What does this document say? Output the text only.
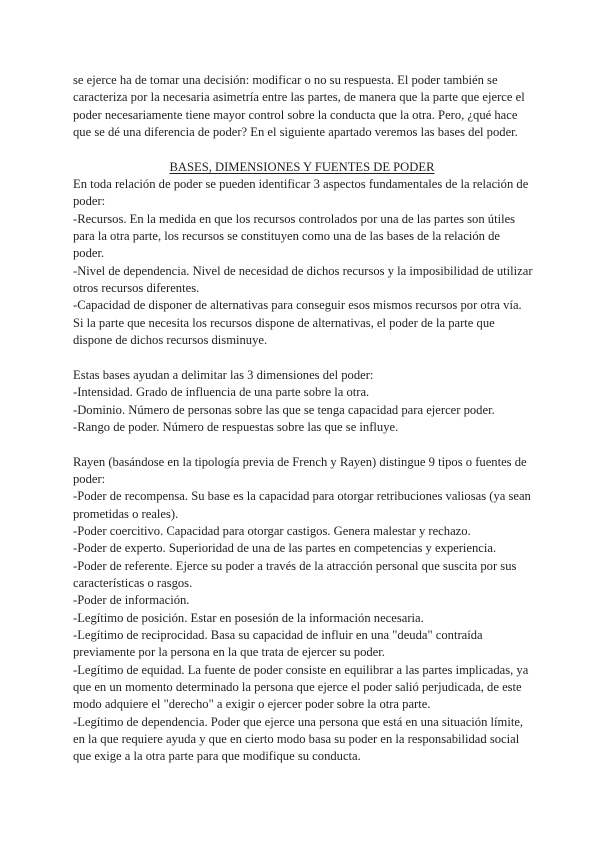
se ejerce ha de tomar una decisión: modificar o no su respuesta. El poder también se
caracteriza por la necesaria asimetría entre las partes, de manera que la parte que ejerce el
poder necesariamente tiene mayor control sobre la conducta que la otra. Pero, ¿qué hace
que se dé una diferencia de poder? En el siguiente apartado veremos las bases del poder.
BASES, DIMENSIONES Y FUENTES DE PODER
En toda relación de poder se pueden identificar 3 aspectos fundamentales de la relación de
poder:
-Recursos. En la medida en que los recursos controlados por una de las partes son útiles
para la otra parte, los recursos se constituyen como una de las bases de la relación de
poder.
-Nivel de dependencia. Nivel de necesidad de dichos recursos y la imposibilidad de utilizar
otros recursos diferentes.
-Capacidad de disponer de alternativas para conseguir esos mismos recursos por otra vía.
Si la parte que necesita los recursos dispone de alternativas, el poder de la parte que
dispone de dichos recursos disminuye.
Estas bases ayudan a delimitar las 3 dimensiones del poder:
-Intensidad. Grado de influencia de una parte sobre la otra.
-Dominio. Número de personas sobre las que se tenga capacidad para ejercer poder.
-Rango de poder. Número de respuestas sobre las que se influye.
Rayen (basándose en la tipología previa de French y Rayen) distingue 9 tipos o fuentes de
poder:
-Poder de recompensa. Su base es la capacidad para otorgar retribuciones valiosas (ya sean
prometidas o reales).
-Poder coercitivo. Capacidad para otorgar castigos. Genera malestar y rechazo.
-Poder de experto. Superioridad de una de las partes en competencias y experiencia.
-Poder de referente. Ejerce su poder a través de la atracción personal que suscita por sus
características o rasgos.
-Poder de información.
-Legítimo de posición. Estar en posesión de la información necesaria.
-Legítimo de reciprocidad. Basa su capacidad de influir en una "deuda" contraída
previamente por la persona en la que trata de ejercer su poder.
-Legítimo de equidad. La fuente de poder consiste en equilibrar a las partes implicadas, ya
que en un momento determinado la persona que ejerce el poder salió perjudicada, de este
modo adquiere el "derecho" a exigir o ejercer poder sobre la otra parte.
-Legítimo de dependencia. Poder que ejerce una persona que está en una situación límite,
en la que requiere ayuda y que en cierto modo basa su poder en la responsabilidad social
que exige a la otra parte para que modifique su conducta.
